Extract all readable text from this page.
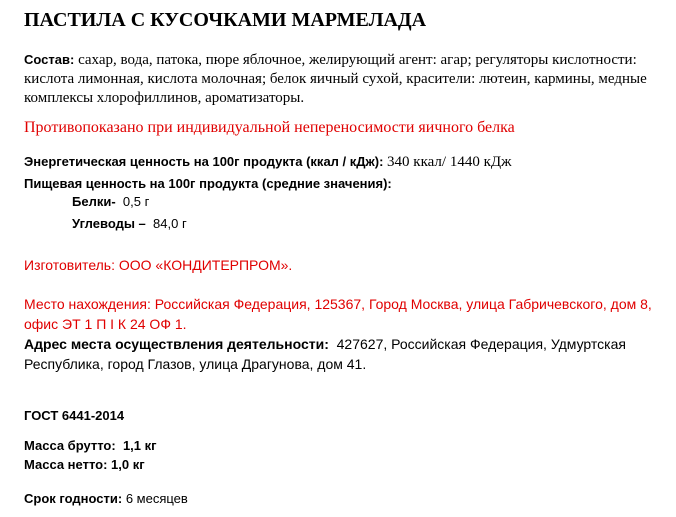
ПАСТИЛА С КУСОЧКАМИ МАРМЕЛАДА
Состав: сахар, вода, патока, пюре яблочное, желирующий агент: агар; регуляторы кислотности: кислота лимонная, кислота молочная; белок яичный сухой, красители: лютеин, кармины, медные комплексы хлорофиллинов, ароматизаторы.
Противопоказано при индивидуальной непереносимости яичного белка
Энергетическая ценность на 100г продукта (ккал / кДж): 340 ккал/ 1440 кДж
Пищевая ценность на 100г продукта (средние значения):
Белки- 0,5 г
Углеводы – 84,0 г
Изготовитель: ООО «КОНДИТЕРПРОМ».
Место нахождения: Российская Федерация, 125367, Город Москва, улица Габричевского, дом 8, офис ЭТ 1 П I К 24 ОФ 1.
Адрес места осуществления деятельности: 427627, Российская Федерация, Удмуртская Республика, город Глазов, улица Драгунова, дом 41.
ГОСТ 6441-2014
Масса брутто: 1,1 кг
Масса нетто: 1,0 кг
Срок годности: 6 месяцев
